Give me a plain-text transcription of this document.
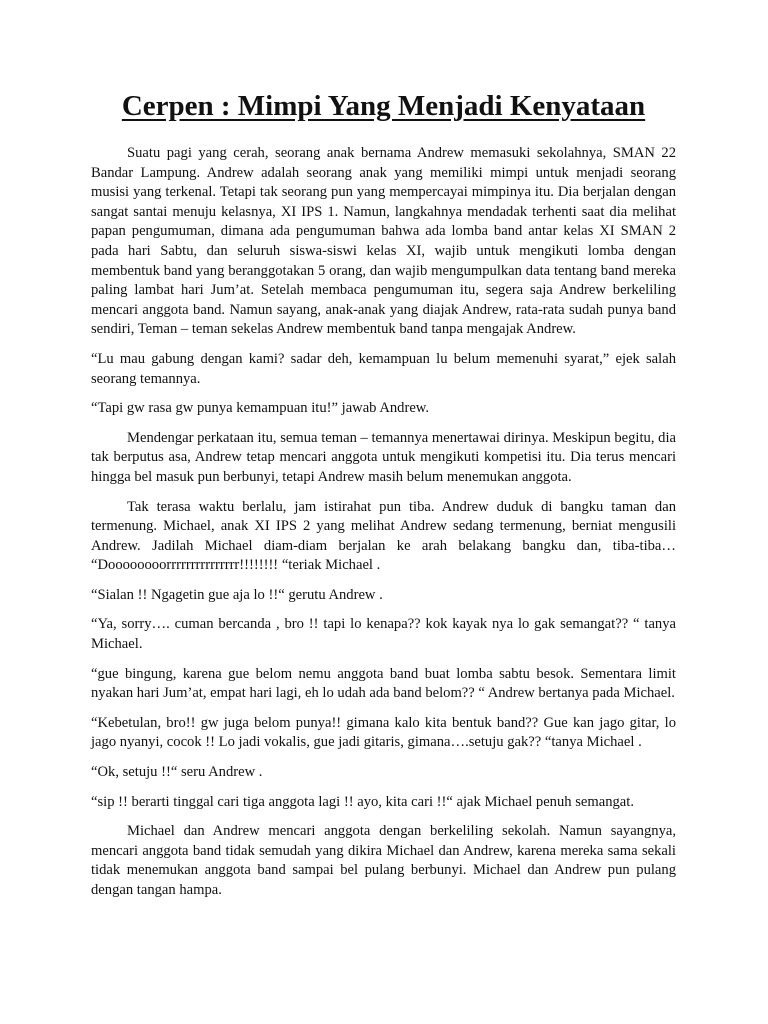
Cerpen : Mimpi Yang Menjadi Kenyataan

Suatu pagi yang cerah, seorang anak bernama Andrew memasuki sekolahnya, SMAN 22 Bandar Lampung. Andrew adalah seorang anak yang memiliki mimpi untuk menjadi seorang musisi yang terkenal. Tetapi tak seorang pun yang mempercayai mimpinya itu. Dia berjalan dengan sangat santai menuju kelasnya, XI IPS 1. Namun, langkahnya mendadak terhenti saat dia melihat papan pengumuman, dimana ada pengumuman bahwa ada lomba band antar kelas XI SMAN 2 pada hari Sabtu, dan seluruh siswa-siswi kelas XI, wajib untuk mengikuti lomba dengan membentuk band yang beranggotakan 5 orang, dan wajib mengumpulkan data tentang band mereka paling lambat hari Jum’at. Setelah membaca pengumuman itu, segera saja Andrew berkeliling mencari anggota band. Namun sayang, anak-anak yang diajak Andrew, rata-rata sudah punya band sendiri, Teman – teman sekelas Andrew membentuk band tanpa mengajak Andrew.

“Lu mau gabung dengan kami? sadar deh, kemampuan lu belum memenuhi syarat,” ejek salah seorang temannya.

“Tapi gw rasa gw punya kemampuan itu!” jawab Andrew.

Mendengar perkataan itu, semua teman – temannya menertawai dirinya. Meskipun begitu, dia tak berputus asa, Andrew tetap mencari anggota untuk mengikuti kompetisi itu. Dia terus mencari hingga bel masuk pun berbunyi, tetapi Andrew masih belum menemukan anggota.

Tak terasa waktu berlalu, jam istirahat pun tiba. Andrew duduk di bangku taman dan termenung. Michael, anak XI IPS 2 yang melihat Andrew sedang termenung, berniat mengusili Andrew. Jadilah Michael diam-diam berjalan ke arah belakang bangku dan, tiba-tiba… “Doooooooorrrrrrrrrrrrrrr!!!!!!!! “teriak Michael .

“Sialan !! Ngagetin gue aja lo !!“ gerutu Andrew .

“Ya, sorry…. cuman bercanda , bro !! tapi lo kenapa?? kok kayak nya lo gak semangat?? “ tanya Michael.

“gue bingung, karena gue belom nemu anggota band buat lomba sabtu besok. Sementara limit nyakan hari Jum’at, empat hari lagi, eh lo udah ada band belom?? “ Andrew bertanya pada Michael.

“Kebetulan, bro!! gw juga belom punya!! gimana kalo kita bentuk band?? Gue kan jago gitar, lo jago nyanyi, cocok !! Lo jadi vokalis, gue jadi gitaris, gimana….setuju gak?? “tanya Michael .

“Ok, setuju !!“ seru Andrew .

“sip !! berarti tinggal cari tiga anggota lagi !! ayo, kita cari !!“ ajak Michael penuh semangat.

Michael dan Andrew mencari anggota dengan berkeliling sekolah. Namun sayangnya, mencari anggota band tidak semudah yang dikira Michael dan Andrew, karena mereka sama sekali tidak menemukan anggota band sampai bel pulang berbunyi. Michael dan Andrew pun pulang dengan tangan hampa.
